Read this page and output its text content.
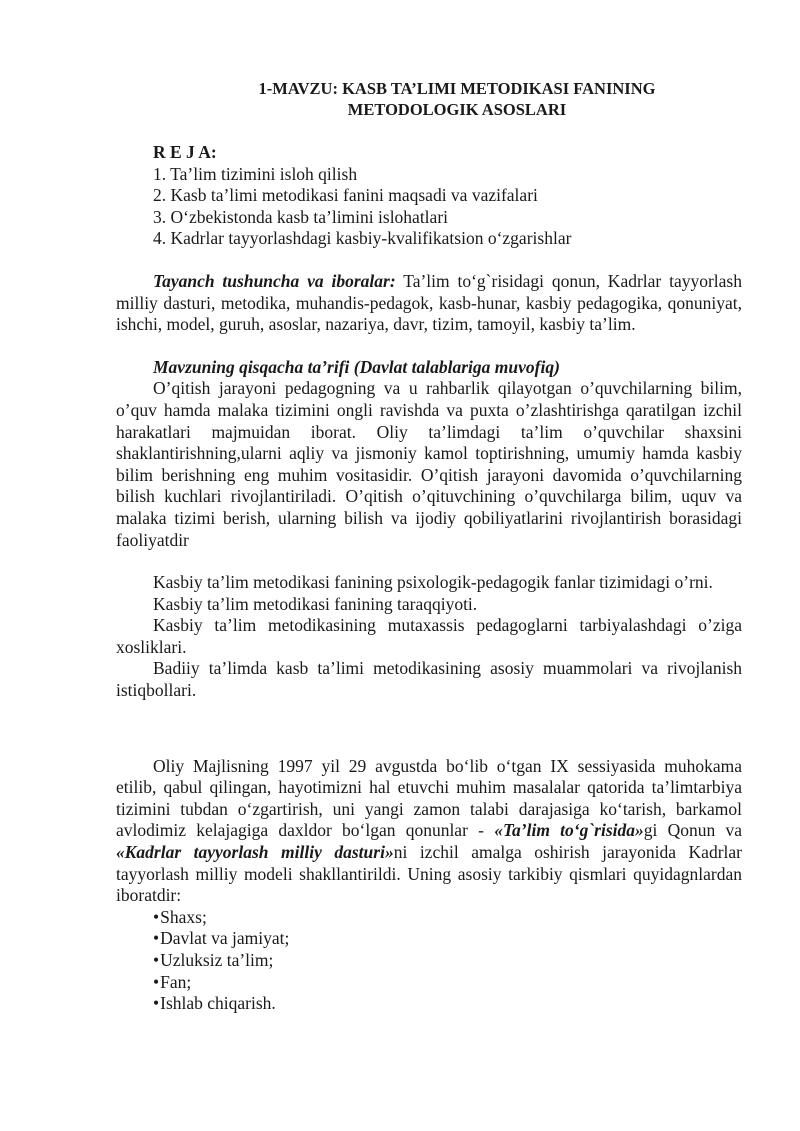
1-MAVZU: KASB TA’LIMI METODIKASI FANINING
METODOLOGIK ASOSLARI
R E J A:
1. Ta’lim tizimini isloh qilish
2. Kasb ta’limi metodikasi fanini maqsadi va vazifalari
3. O‘zbekistonda kasb ta’limini islohatlari
4. Kadrlar tayyorlashdagi kasbiy-kvalifikatsion o‘zgarishlar

Tayanch tushuncha va iboralar: Ta’lim to‘g`risidagi qonun, Kadrlar tayyorlash milliy dasturi, metodika, muhandis-pedagok, kasb-hunar, kasbiy pedagogika, qonuniyat, ishchi, model, guruh, asoslar, nazariya, davr, tizim, tamoyil, kasbiy ta’lim.

Mavzuning qisqacha ta’rifi (Davlat talablariga muvofiq)

O’qitish jarayoni pedagogning va u rahbarlik qilayotgan o’quvchilarning bilim, o’quv hamda malaka tizimini ongli ravishda va puxta o’zlashtirishga qaratilgan izchil harakatlari majmuidan iborat. Oliy ta’limdagi ta’lim o’quvchilar shaxsini shaklantirishning,ularni aqliy va jismoniy kamol toptirishning, umumiy hamda kasbiy bilim berishning eng muhim vositasidir. O’qitish jarayoni davomida o’quvchilarning bilish kuchlari rivojlantiriladi. O’qitish o’qituvchining o’quvchilarga bilim, uquv va malaka tizimi berish, ularning bilish va ijodiy qobiliyatlarini rivojlantirish borasidagi faoliyatdir

Kasbiy ta’lim metodikasi fanining psixologik-pedagogik fanlar tizimidagi o’rni.

Kasbiy ta’lim metodikasi fanining taraqqiyoti.

Kasbiy ta’lim metodikasining mutaxassis pedagoglarni tarbiyalashdagi o’ziga xosliklari.

Badiiy ta’limda kasb ta’limi metodikasining asosiy muammolari va rivojlanish istiqbollari.

Oliy Majlisning 1997 yil 29 avgustda bo‘lib o‘tgan IX sessiyasida muhokama etilib, qabul qilingan, hayotimizni hal etuvchi muhim masalalar qatorida ta’limtarbiya tizimini tubdan o‘zgartirish, uni yangi zamon talabi darajasiga ko‘tarish, barkamol avlodimiz kelajagiga daxldor bo‘lgan qonunlar - «Ta’lim to‘g`risida»gi Qonun va «Kadrlar tayyorlash milliy dasturi»ni izchil amalga oshirish jarayonida Kadrlar tayyorlash milliy modeli shakllantirildi. Uning asosiy tarkibiy qismlari quyidagnlardan iboratdir:

• Shaxs;
• Davlat va jamiyat;
• Uzluksiz ta’lim;
• Fan;
• Ishlab chiqarish.
